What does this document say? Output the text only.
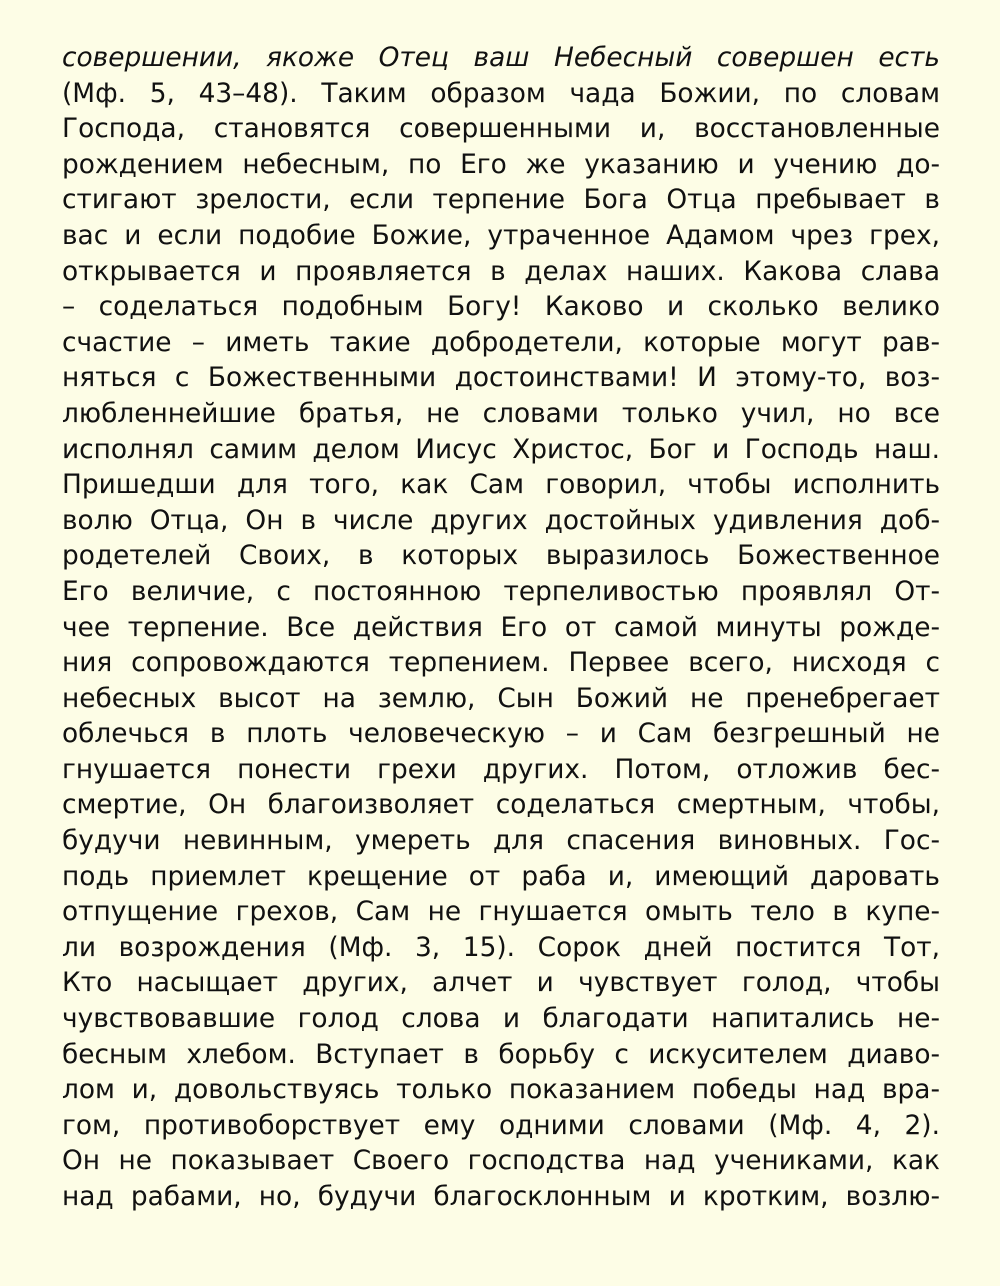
совершении, якоже Отец ваш Небесный совершен есть
(Мф. 5, 43–48). Таким образом чада Божии, по словам
Господа, становятся совершенными и, восстановленные
рождением небесным, по Его же указанию и учению до-
стигают зрелости, если терпение Бога Отца пребывает в
вас и если подобие Божие, утраченное Адамом чрез грех,
открывается и проявляется в делах наших. Какова слава
– соделаться подобным Богу! Каково и сколько велико
счастие – иметь такие добродетели, которые могут рав-
няться с Божественными достоинствами! И этому-то, воз-
любленнейшие братья, не словами только учил, но все
исполнял самим делом Иисус Христос, Бог и Господь наш.
Пришедши для того, как Сам говорил, чтобы исполнить
волю Отца, Он в числе других достойных удивления доб-
родетелей Своих, в которых выразилось Божественное
Его величие, с постоянною терпеливостью проявлял От-
чее терпение. Все действия Его от самой минуты рожде-
ния сопровождаются терпением. Первее всего, нисходя с
небесных высот на землю, Сын Божий не пренебрегает
облечься в плоть человеческую – и Сам безгрешный не
гнушается понести грехи других. Потом, отложив бес-
смертие, Он благоизволяет соделаться смертным, чтобы,
будучи невинным, умереть для спасения виновных. Гос-
подь приемлет крещение от раба и, имеющий даровать
отпущение грехов, Сам не гнушается омыть тело в купе-
ли возрождения (Мф. 3, 15). Сорок дней постится Тот,
Кто насыщает других, алчет и чувствует голод, чтобы
чувствовавшие голод слова и благодати напитались не-
бесным хлебом. Вступает в борьбу с искусителем диаво-
лом и, довольствуясь только показанием победы над вра-
гом, противоборствует ему одними словами (Мф. 4, 2).
Он не показывает Своего господства над учениками, как
над рабами, но, будучи благосклонным и кротким, возлю-
